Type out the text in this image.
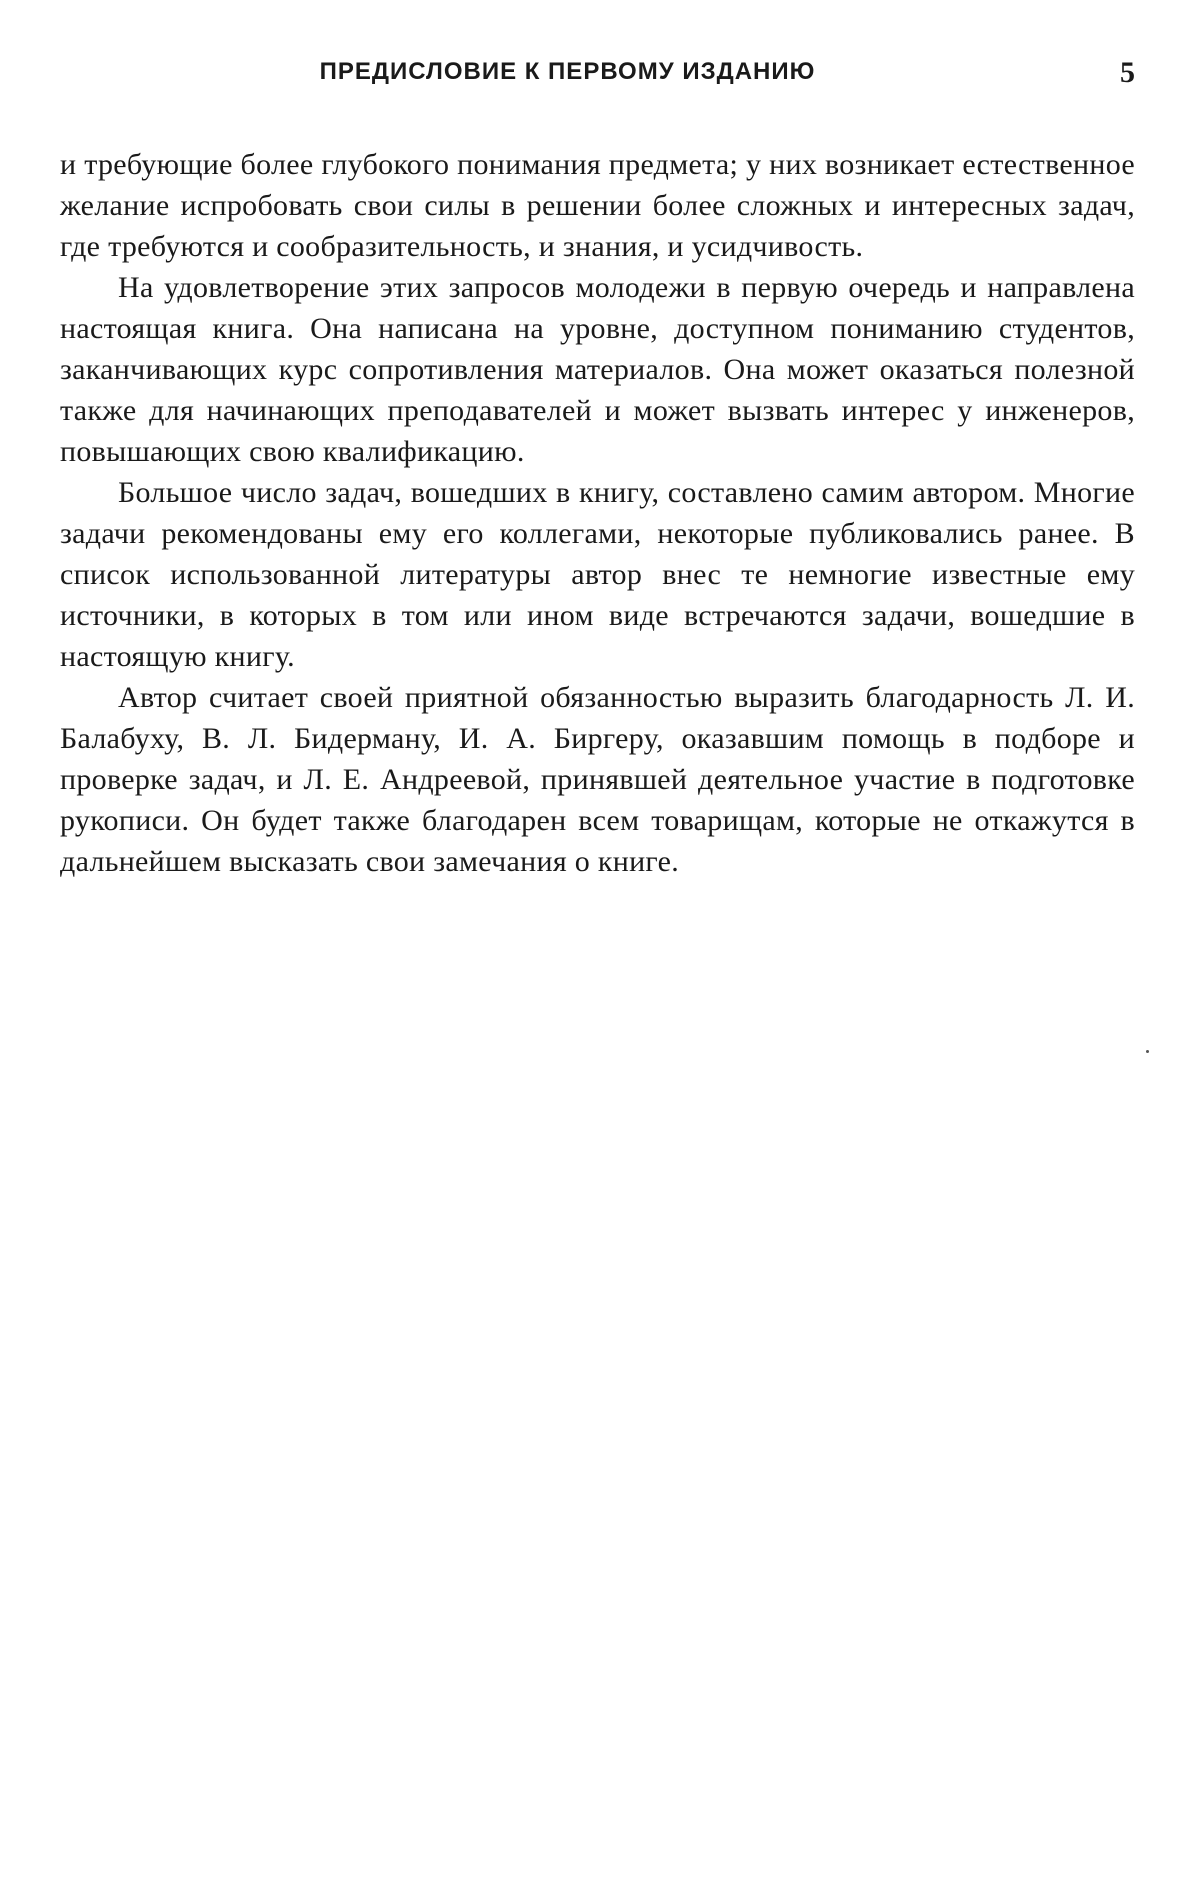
ПРЕДИСЛОВИЕ К ПЕРВОМУ ИЗДАНИЮ	5

и требующие более глубокого понимания предмета; у них возникает естественное желание испробовать свои силы в решении более сложных и интересных задач, где требуются и сообразительность, и знания, и усидчивость.

На удовлетворение этих запросов молодежи в первую очередь и направлена настоящая книга. Она написана на уровне, доступном пониманию студентов, заканчивающих курс сопротивления материалов. Она может оказаться полезной также для начинающих преподавателей и может вызвать интерес у инженеров, повышающих свою квалификацию.

Большое число задач, вошедших в книгу, составлено самим автором. Многие задачи рекомендованы ему его коллегами, некоторые публиковались ранее. В список использованной литературы автор внес те немногие известные ему источники, в которых в том или ином виде встречаются задачи, вошедшие в настоящую книгу.

Автор считает своей приятной обязанностью выразить благодарность Л. И. Балабуху, В. Л. Бидерману, И. А. Биргеру, оказавшим помощь в подборе и проверке задач, и Л. Е. Андреевой, принявшей деятельное участие в подготовке рукописи. Он будет также благодарен всем товарищам, которые не откажутся в дальнейшем высказать свои замечания о книге.
